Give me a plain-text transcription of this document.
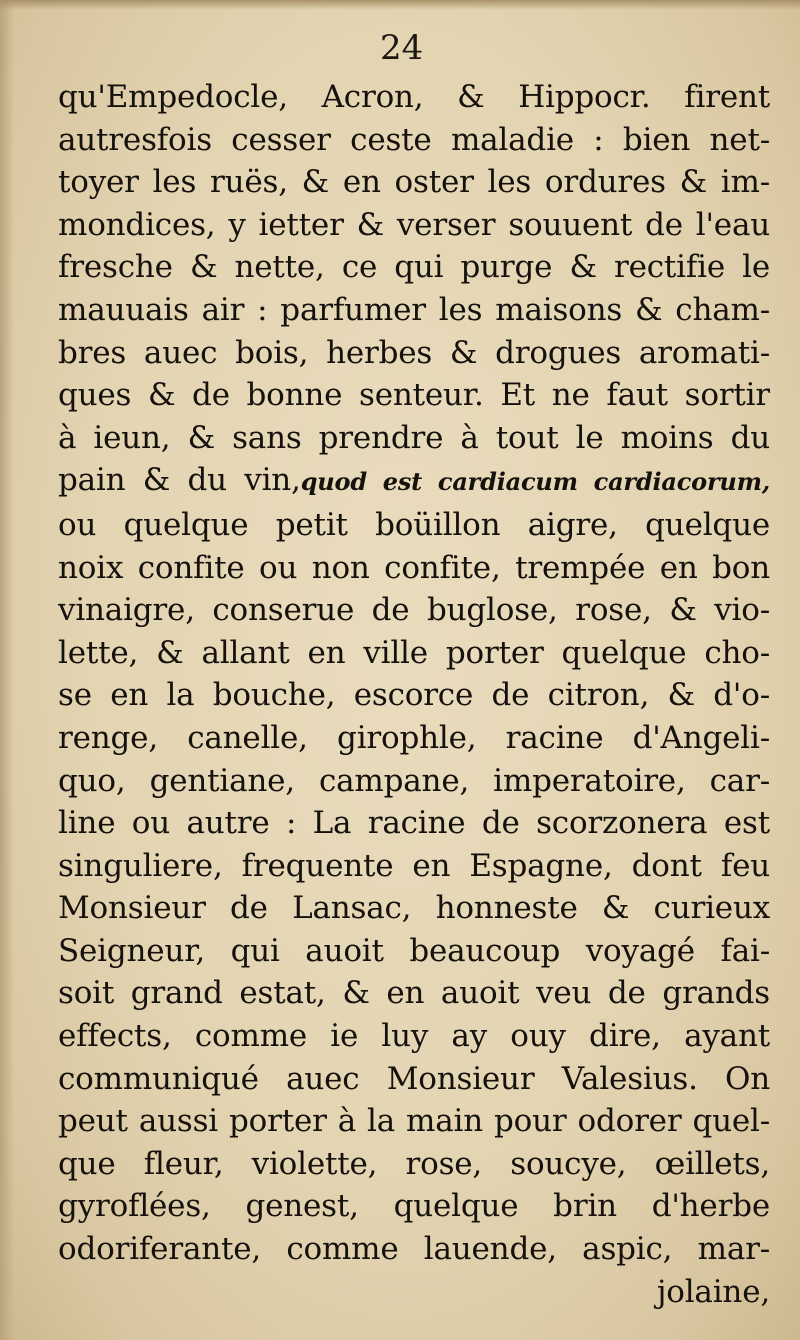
24
qu'Empedocle, Acron, & Hippocr. firent
autresfois cesser ceste maladie : bien net-
toyer les ruës, & en oster les ordures & im-
mondices, y ietter & verser souuent de l'eau
fresche & nette, ce qui purge & rectifie le
mauuais air : parfumer les maisons & cham-
bres auec bois, herbes & drogues aromati-
ques & de bonne senteur. Et ne faut sortir
à ieun, & sans prendre à tout le moins du
pain & du vin,quod est cardiacum cardiacorum,
ou quelque petit boüillon aigre, quelque
noix confite ou non confite, trempée en bon
vinaigre, conserue de buglose, rose, & vio-
lette, & allant en ville porter quelque cho-
se en la bouche, escorce de citron, & d'o-
renge, canelle, girophle, racine d'Angeli-
quo, gentiane, campane, imperatoire, car-
line ou autre : La racine de scorzonera est
singuliere, frequente en Espagne, dont feu
Monsieur de Lansac, honneste & curieux
Seigneur, qui auoit beaucoup voyagé fai-
soit grand estat, & en auoit veu de grands
effects, comme ie luy ay ouy dire, ayant
communiqué auec Monsieur Valesius. On
peut aussi porter à la main pour odorer quel-
que fleur, violette, rose, soucye, œillets,
gyroflées, genest, quelque brin d'herbe
odoriferante, comme lauende, aspic, mar-
jolaine,
